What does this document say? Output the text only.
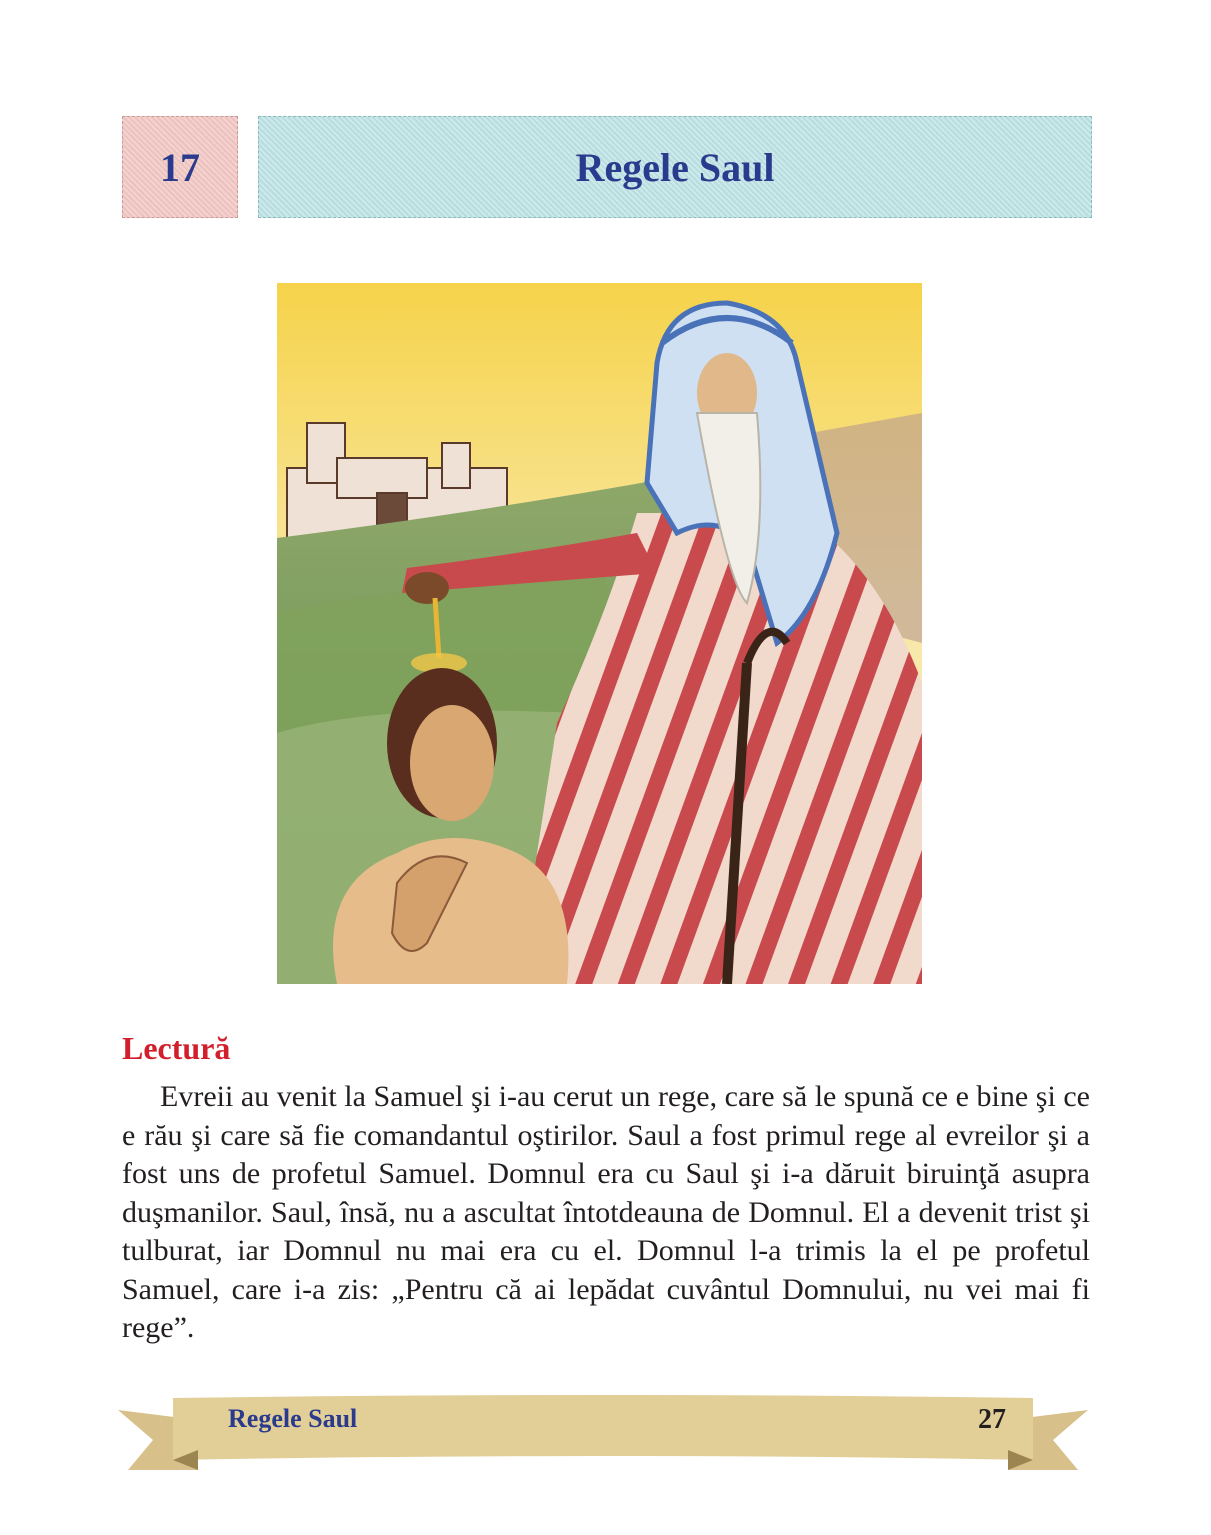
17	Regele Saul
Lectură

Evreii au venit la Samuel şi i-au cerut un rege, care să le spună ce e bine şi ce e rău şi care să fie comandantul oştirilor. Saul a fost primul rege al evreilor şi a fost uns de profetul Samuel. Domnul era cu Saul şi i-a dăruit biruinţă asupra duşmanilor. Saul, însă, nu a ascultat întotdeauna de Domnul. El a devenit trist şi tulburat, iar Domnul nu mai era cu el. Domnul l-a trimis la el pe profetul Samuel, care i-a zis: „Pentru că ai lepădat cuvântul Domnului, nu vei mai fi rege”.

Regele Saul	27
